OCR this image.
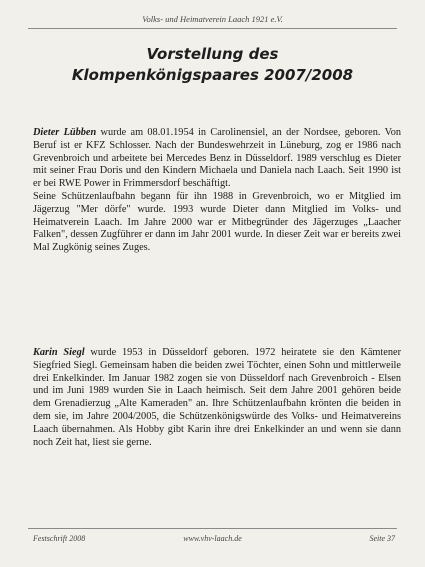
Volks- und Heimatverein Laach 1921 e.V.
Vorstellung des
Klompenkönigspaares 2007/2008

Dieter Lübben wurde am 08.01.1954 in Carolinensiel, an der Nordsee, geboren. Von Beruf ist er KFZ Schlosser. Nach der Bundeswehrzeit in Lüneburg, zog er 1986 nach Grevenbroich und arbeitete bei Mercedes Benz in Düsseldorf. 1989 verschlug es Dieter mit seiner Frau Doris und den Kindern Michaela und Daniela nach Laach. Seit 1990 ist er bei RWE Power in Frimmersdorf beschäftigt.

Seine Schützenlaufbahn begann für ihn 1988 in Grevenbroich, wo er Mitglied im Jägerzug "Mer dörfe" wurde. 1993 wurde Dieter dann Mitglied im Volks- und Heimatverein Laach. Im Jahre 2000 war er Mitbegründer des Jägerzuges „Laacher Falken", dessen Zugführer er dann im Jahr 2001 wurde. In dieser Zeit war er bereits zwei Mal Zugkönig seines Zuges.

Karin Siegl wurde 1953 in Düsseldorf geboren. 1972 heiratete sie den Kämtener Siegfried Siegl. Gemeinsam haben die beiden zwei Töchter, einen Sohn und mittlerweile drei Enkelkinder. Im Januar 1982 zogen sie von Düsseldorf nach Grevenbroich - Elsen und im Juni 1989 wurden Sie in Laach heimisch. Seit dem Jahre 2001 gehören beide dem Grenadierzug „Alte Kameraden" an. Ihre Schützenlaufbahn krönten die beiden in dem sie, im Jahre 2004/2005, die Schützenkönigswürde des Volks- und Heimatvereins Laach übernahmen. Als Hobby gibt Karin ihre drei Enkelkinder an und wenn sie dann noch Zeit hat, liest sie gerne.

Festschrift 2008	www.vhv-laach.de	Seite 37
